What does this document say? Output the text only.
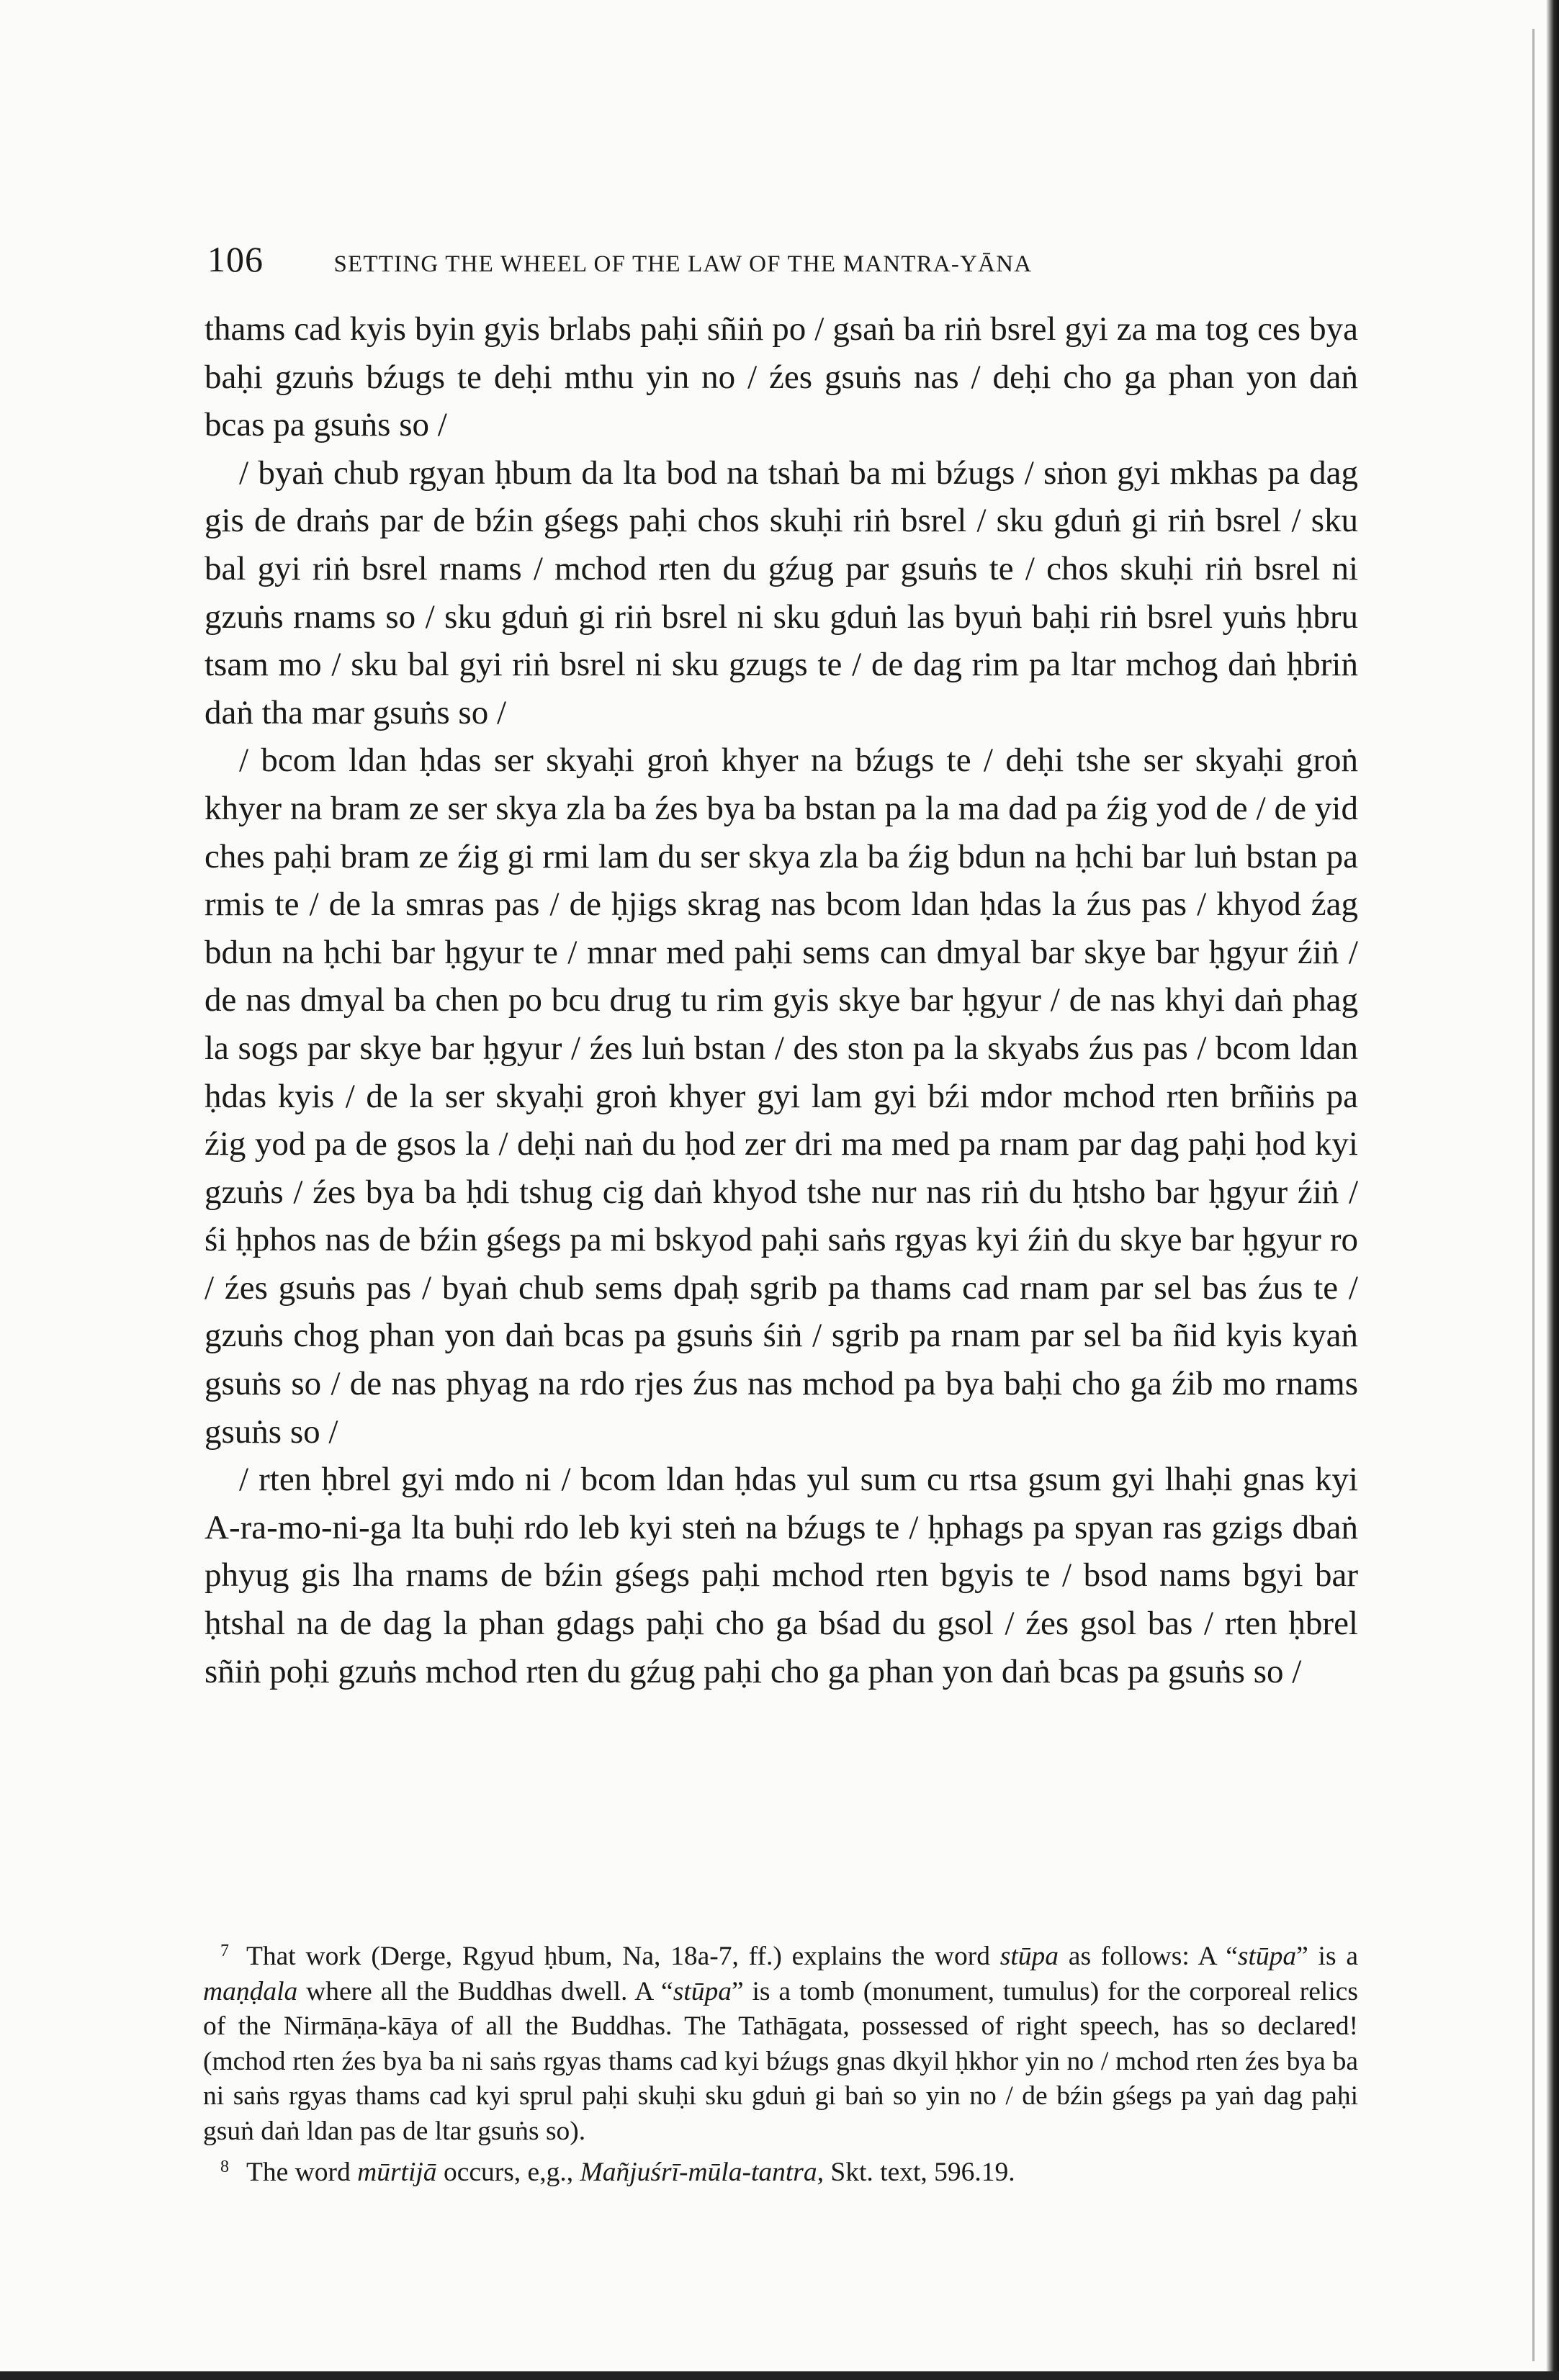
106	SETTING THE WHEEL OF THE LAW OF THE MANTRA-YĀNA

thams cad kyis byin gyis brlabs paḥi sñiṅ po / gsaṅ ba riṅ bsrel gyi za ma tog ces bya baḥi gzuṅs bźugs te deḥi mthu yin no / źes gsuṅs nas / deḥi cho ga phan yon daṅ bcas pa gsuṅs so /

/ byaṅ chub rgyan ḥbum da lta bod na tshaṅ ba mi bźugs / sṅon gyi mkhas pa dag gis de draṅs par de bźin gśegs paḥi chos skuḥi riṅ bsrel / sku gduṅ gi riṅ bsrel / sku bal gyi riṅ bsrel rnams / mchod rten du gźug par gsuṅs te / chos skuḥi riṅ bsrel ni gzuṅs rnams so / sku gduṅ gi riṅ bsrel ni sku gduṅ las byuṅ baḥi riṅ bsrel yuṅs ḥbru tsam mo / sku bal gyi riṅ bsrel ni sku gzugs te / de dag rim pa ltar mchog daṅ ḥbriṅ daṅ tha mar gsuṅs so /

/ bcom ldan ḥdas ser skyaḥi groṅ khyer na bźugs te / deḥi tshe ser skyaḥi groṅ khyer na bram ze ser skya zla ba źes bya ba bstan pa la ma dad pa źig yod de / de yid ches paḥi bram ze źig gi rmi lam du ser skya zla ba źig bdun na ḥchi bar luṅ bstan pa rmis te / de la smras pas / de ḥjigs skrag nas bcom ldan ḥdas la źus pas / khyod źag bdun na ḥchi bar ḥgyur te / mnar med paḥi sems can dmyal bar skye bar ḥgyur źiṅ / de nas dmyal ba chen po bcu drug tu rim gyis skye bar ḥgyur / de nas khyi daṅ phag la sogs par skye bar ḥgyur / źes luṅ bstan / des ston pa la skyabs źus pas / bcom ldan ḥdas kyis / de la ser skyaḥi groṅ khyer gyi lam gyi bźi mdor mchod rten brñiṅs pa źig yod pa de gsos la / deḥi naṅ du ḥod zer dri ma med pa rnam par dag paḥi ḥod kyi gzuṅs / źes bya ba ḥdi tshug cig daṅ khyod tshe nur nas riṅ du ḥtsho bar ḥgyur źiṅ / śi ḥphos nas de bźin gśegs pa mi bskyod paḥi saṅs rgyas kyi źiṅ du skye bar ḥgyur ro / źes gsuṅs pas / byaṅ chub sems dpaḥ sgrib pa thams cad rnam par sel bas źus te / gzuṅs chog phan yon daṅ bcas pa gsuṅs śiṅ / sgrib pa rnam par sel ba ñid kyis kyaṅ gsuṅs so / de nas phyag na rdo rjes źus nas mchod pa bya baḥi cho ga źib mo rnams gsuṅs so /

/ rten ḥbrel gyi mdo ni / bcom ldan ḥdas yul sum cu rtsa gsum gyi lhaḥi gnas kyi A-ra-mo-ni-ga lta buḥi rdo leb kyi steṅ na bźugs te / ḥphags pa spyan ras gzigs dbaṅ phyug gis lha rnams de bźin gśegs paḥi mchod rten bgyis te / bsod nams bgyi bar ḥtshal na de dag la phan gdags paḥi cho ga bśad du gsol / źes gsol bas / rten ḥbrel sñiṅ poḥi gzuṅs mchod rten du gźug paḥi cho ga phan yon daṅ bcas pa gsuṅs so /

$^7$ That work (Derge, Rgyud ḥbum, Na, 18a-7, ff.) explains the word stūpa as follows: A “stūpa” is a maṇḍala where all the Buddhas dwell. A “stūpa” is a tomb (monument, tumulus) for the corporeal relics of the Nirmāṇa-kāya of all the Buddhas. The Tathāgata, possessed of right speech, has so declared! (mchod rten źes bya ba ni saṅs rgyas thams cad kyi bźugs gnas dkyil ḥkhor yin no / mchod rten źes bya ba ni saṅs rgyas thams cad kyi sprul paḥi skuḥi sku gduṅ gi baṅ so yin no / de bźin gśegs pa yaṅ dag paḥi gsuṅ daṅ ldan pas de ltar gsuṅs so).

$^8$ The word mūrtijā occurs, e,g., Mañjuśrī-mūla-tantra, Skt. text, 596.19.
